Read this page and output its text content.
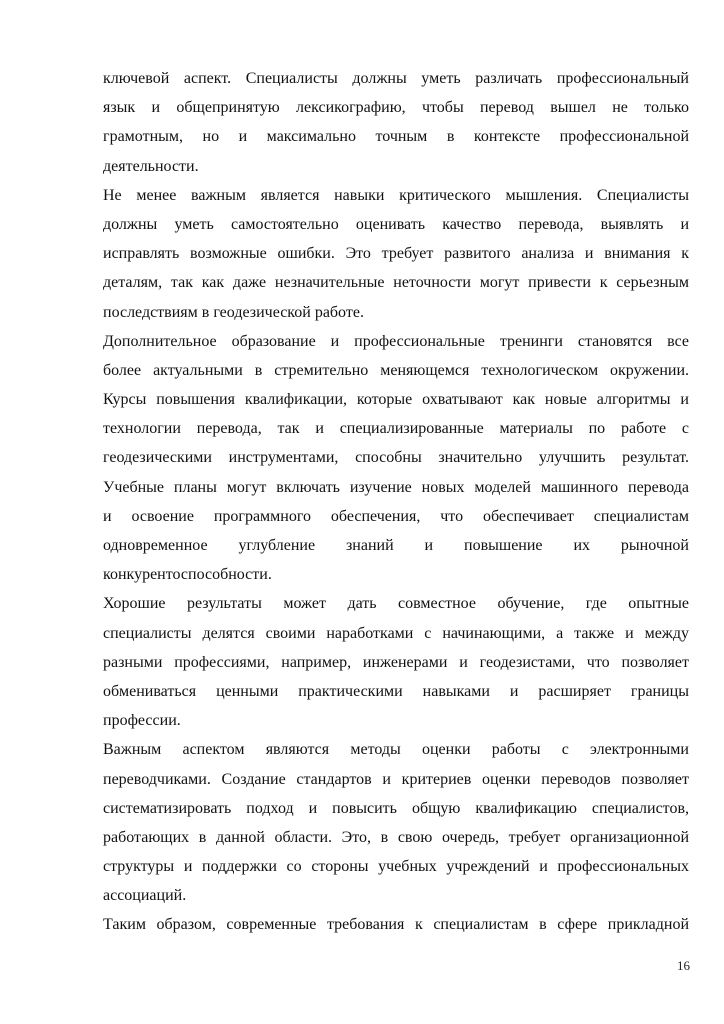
ключевой аспект. Специалисты должны уметь различать профессиональный
язык и общепринятую лексикографию, чтобы перевод вышел не только
грамотным, но и максимально точным в контексте профессиональной
деятельности.
Не менее важным является навыки критического мышления. Специалисты
должны уметь самостоятельно оценивать качество перевода, выявлять и
исправлять возможные ошибки. Это требует развитого анализа и внимания к
деталям, так как даже незначительные неточности могут привести к серьезным
последствиям в геодезической работе.
Дополнительное образование и профессиональные тренинги становятся все
более актуальными в стремительно меняющемся технологическом окружении.
Курсы повышения квалификации, которые охватывают как новые алгоритмы и
технологии перевода, так и специализированные материалы по работе с
геодезическими инструментами, способны значительно улучшить результат.
Учебные планы могут включать изучение новых моделей машинного перевода
и освоение программного обеспечения, что обеспечивает специалистам
одновременное углубление знаний и повышение их рыночной
конкурентоспособности.
Хорошие результаты может дать совместное обучение, где опытные
специалисты делятся своими наработками с начинающими, а также и между
разными профессиями, например, инженерами и геодезистами, что позволяет
обмениваться ценными практическими навыками и расширяет границы
профессии.
Важным аспектом являются методы оценки работы с электронными
переводчиками. Создание стандартов и критериев оценки переводов позволяет
систематизировать подход и повысить общую квалификацию специалистов,
работающих в данной области. Это, в свою очередь, требует организационной
структуры и поддержки со стороны учебных учреждений и профессиональных
ассоциаций.
Таким образом, современные требования к специалистам в сфере прикладной
16
